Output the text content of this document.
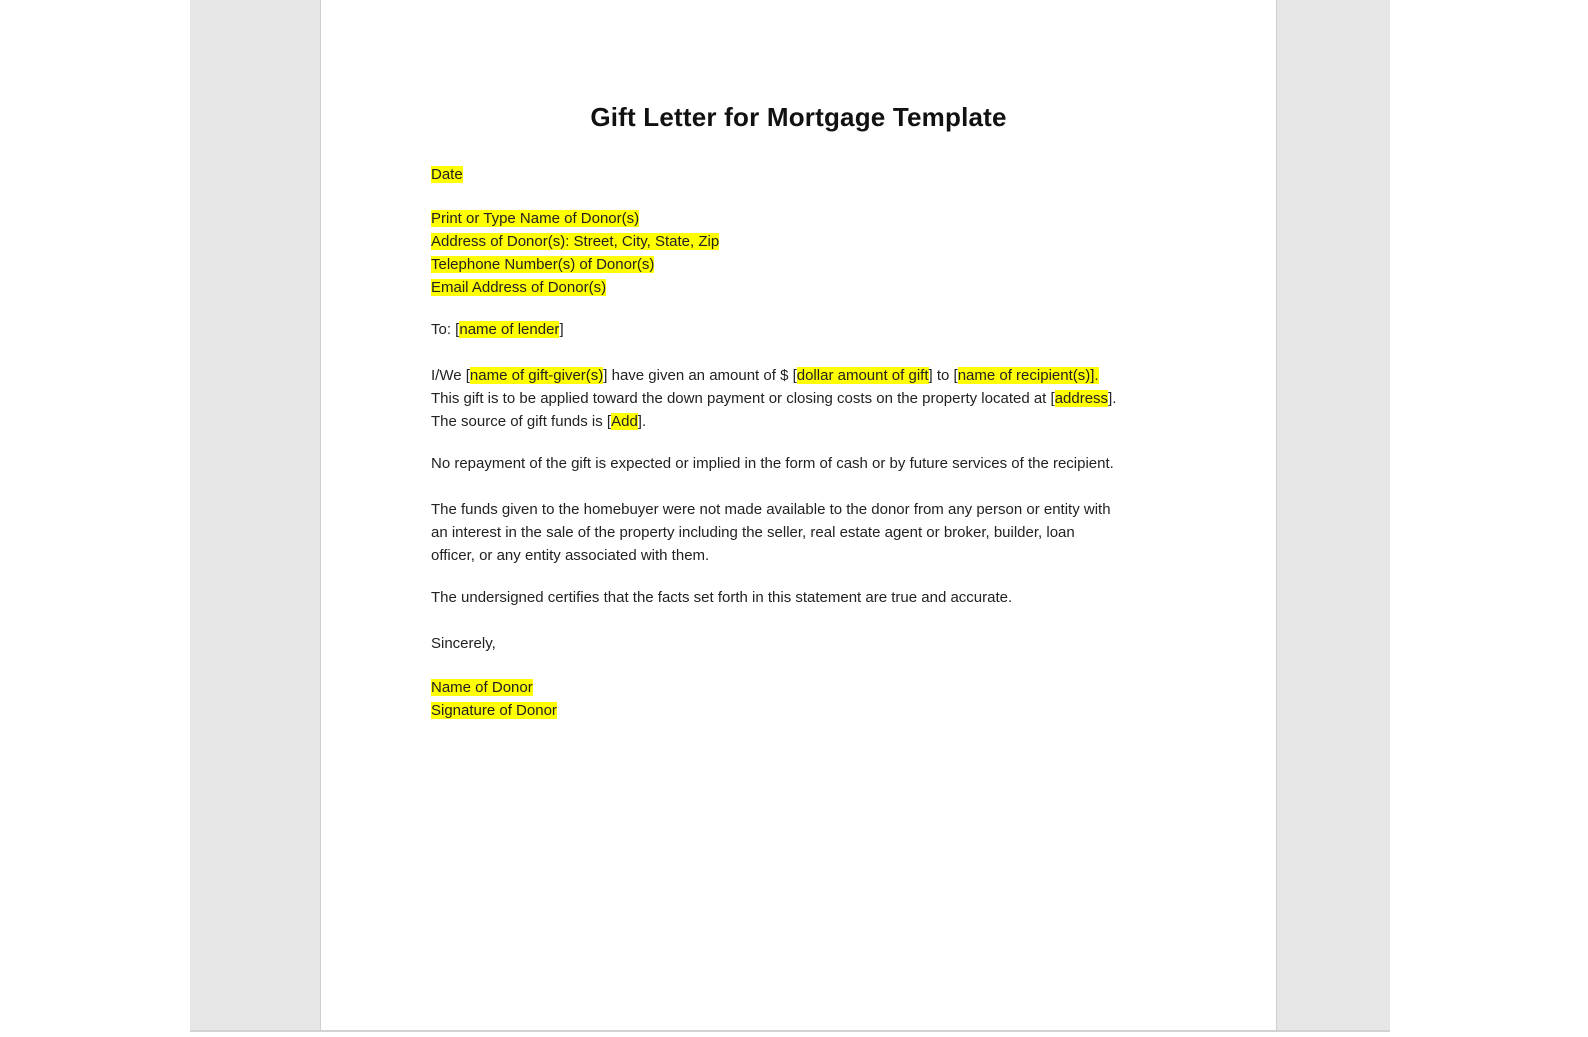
Gift Letter for Mortgage Template
Date
Print or Type Name of Donor(s)
Address of Donor(s): Street, City, State, Zip
Telephone Number(s) of Donor(s)
Email Address of Donor(s)
To: [name of lender]
I/We [name of gift-giver(s)] have given an amount of $ [dollar amount of gift] to [name of recipient(s)].
This gift is to be applied toward the down payment or closing costs on the property located at [address].
The source of gift funds is [Add].
No repayment of the gift is expected or implied in the form of cash or by future services of the recipient.
The funds given to the homebuyer were not made available to the donor from any person or entity with
an interest in the sale of the property including the seller, real estate agent or broker, builder, loan
officer, or any entity associated with them.
The undersigned certifies that the facts set forth in this statement are true and accurate.
Sincerely,
Name of Donor
Signature of Donor
